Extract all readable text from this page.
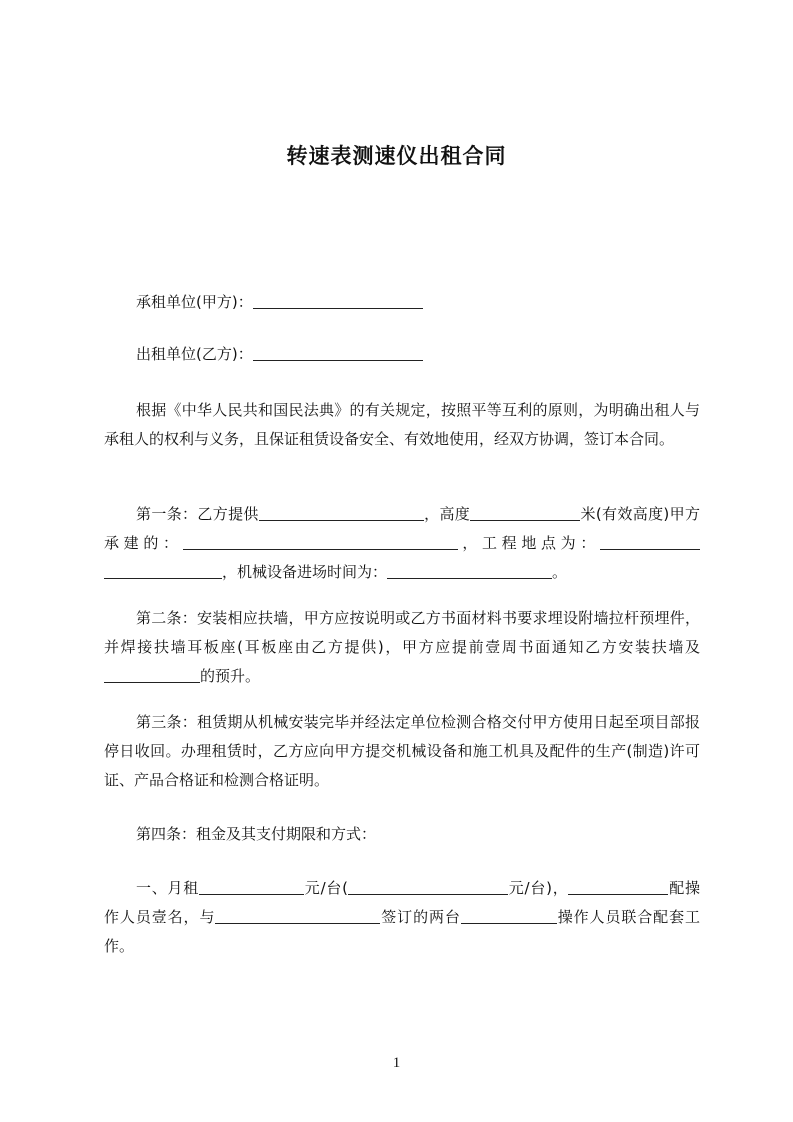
转速表测速仪出租合同

承租单位(甲方)：

出租单位(乙方)：

根据《中华人民共和国民法典》的有关规定，按照平等互利的原则，为明确出租人与承租人的权利与义务，且保证租赁设备安全、有效地使用，经双方协调，签订本合同。

第一条：乙方提供	，高度	米(有效高度)甲方承建的：	，工程地点为：，机械设备进场时间为：	。

第二条：安装相应扶墙，甲方应按说明或乙方书面材料书要求埋设附墙拉杆预埋件，并焊接扶墙耳板座(耳板座由乙方提供)，甲方应提前壹周书面通知乙方安装扶墙及的预升。

第三条：租赁期从机械安装完毕并经法定单位检测合格交付甲方使用日起至项目部报停日收回。办理租赁时，乙方应向甲方提交机械设备和施工机具及配件的生产(制造)许可证、产品合格证和检测合格证明。

第四条：租金及其支付期限和方式：

一、月租	元/台(	元/台)，	配操作人员壹名，与	签订的两台	操作人员联合配套工作。

1
